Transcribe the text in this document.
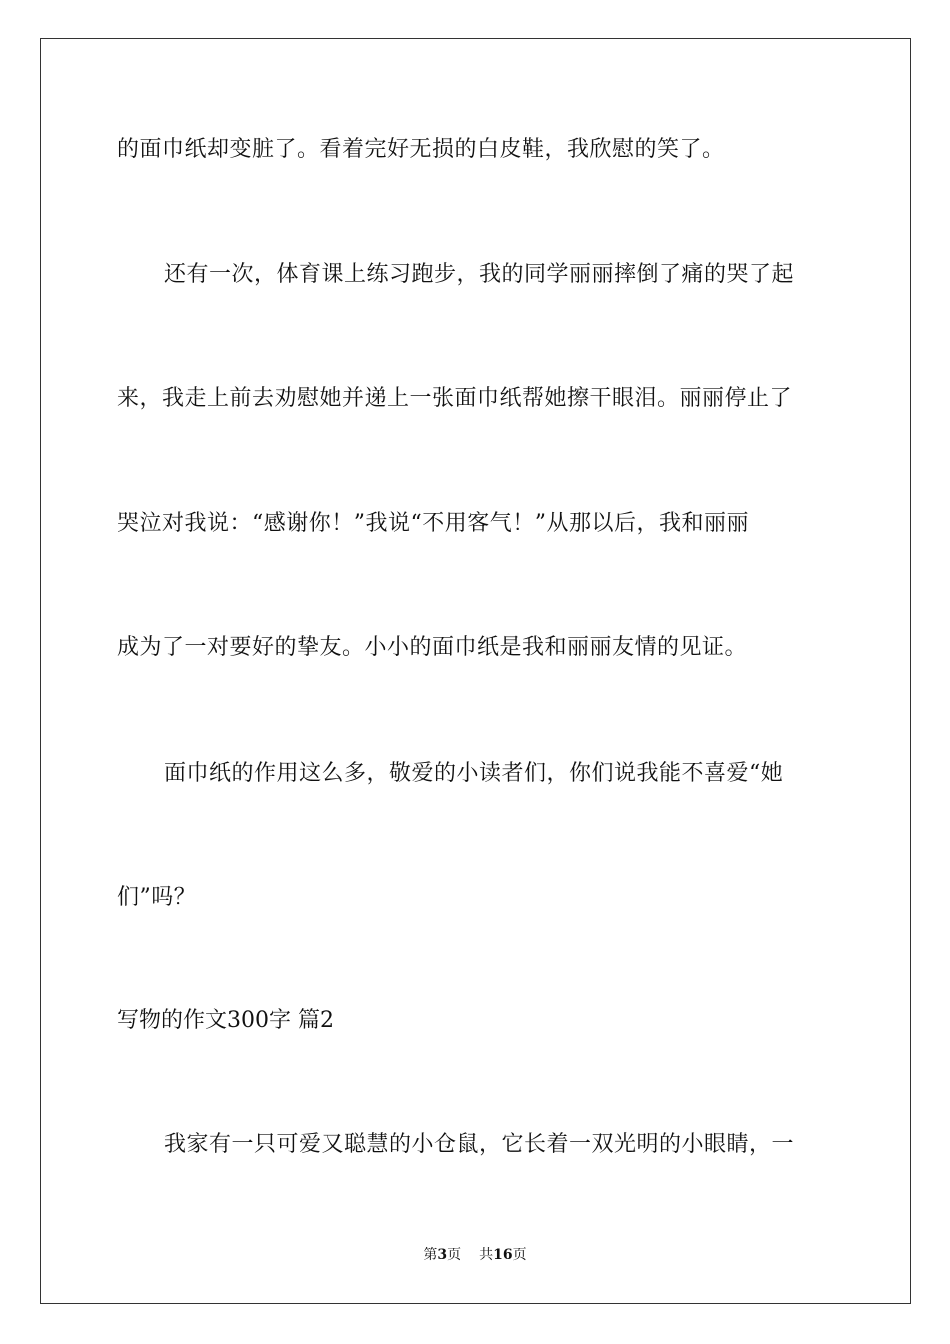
的面巾纸却变脏了。看着完好无损的白皮鞋，我欣慰的笑了。
还有一次，体育课上练习跑步，我的同学丽丽摔倒了痛的哭了起
来，我走上前去劝慰她并递上一张面巾纸帮她擦干眼泪。丽丽停止了
哭泣对我说：“感谢你！”我说“不用客气！”从那以后，我和丽丽
成为了一对要好的挚友。小小的面巾纸是我和丽丽友情的见证。
面巾纸的作用这么多，敬爱的小读者们，你们说我能不喜爱“她
们”吗？
写物的作文300字 篇2
我家有一只可爱又聪慧的小仓鼠，它长着一双光明的小眼睛，一
第3页 共16页
